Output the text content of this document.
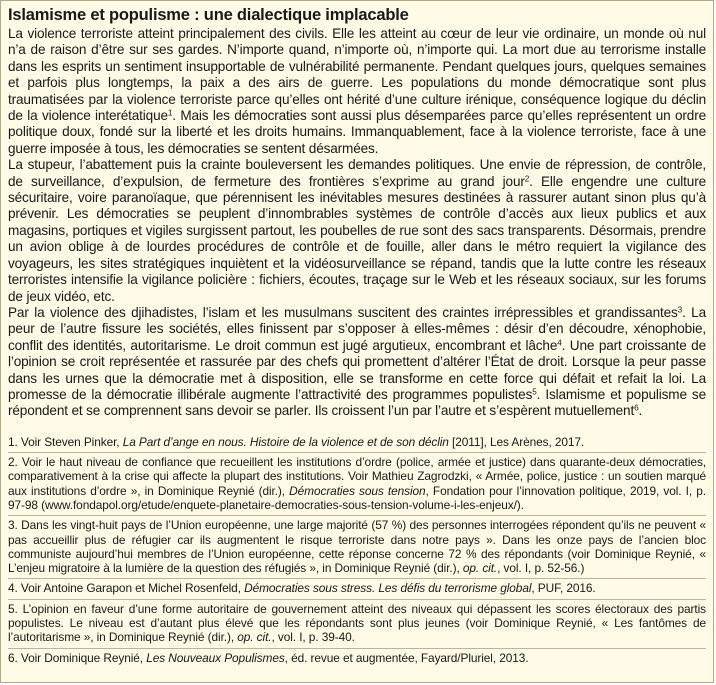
Islamisme et populisme : une dialectique implacable

La violence terroriste atteint principalement des civils. Elle les atteint au cœur de leur vie ordinaire, un monde où nul n’a de raison d’être sur ses gardes. N’importe quand, n’importe où, n’importe qui. La mort due au terrorisme installe dans les esprits un sentiment insupportable de vulnérabilité permanente. Pendant quelques jours, quelques semaines et parfois plus longtemps, la paix a des airs de guerre. Les populations du monde démocratique sont plus traumatisées par la violence terroriste parce qu’elles ont hérité d’une culture irénique, conséquence logique du déclin de la violence interétatique$^1$. Mais les démocraties sont aussi plus désemparées parce qu’elles représentent un ordre politique doux, fondé sur la liberté et les droits humains. Immanquablement, face à la violence terroriste, face à une guerre imposée à tous, les démocraties se sentent désarmées.

La stupeur, l’abattement puis la crainte bouleversent les demandes politiques. Une envie de répression, de contrôle, de surveillance, d’expulsion, de fermeture des frontières s’exprime au grand jour$^2$. Elle engendre une culture sécuritaire, voire paranoïaque, que pérennisent les inévitables mesures destinées à rassurer autant sinon plus qu’à prévenir. Les démocraties se peuplent d’innombrables systèmes de contrôle d’accès aux lieux publics et aux magasins, portiques et vigiles surgissent partout, les poubelles de rue sont des sacs transparents. Désormais, prendre un avion oblige à de lourdes procédures de contrôle et de fouille, aller dans le métro requiert la vigilance des voyageurs, les sites stratégiques inquiètent et la vidéosurveillance se répand, tandis que la lutte contre les réseaux terroristes intensifie la vigilance policière : fichiers, écoutes, traçage sur le Web et les réseaux sociaux, sur les forums de jeux vidéo, etc.

Par la violence des djihadistes, l’islam et les musulmans suscitent des craintes irrépressibles et grandissantes$^3$. La peur de l’autre fissure les sociétés, elles finissent par s’opposer à elles-mêmes : désir d’en découdre, xénophobie, conflit des identités, autoritarisme. Le droit commun est jugé argutieux, encombrant et lâche$^4$. Une part croissante de l’opinion se croit représentée et rassurée par des chefs qui promettent d’altérer l’État de droit. Lorsque la peur passe dans les urnes que la démocratie met à disposition, elle se transforme en cette force qui défait et refait la loi. La promesse de la démocratie illibérale augmente l’attractivité des programmes populistes$^5$. Islamisme et populisme se répondent et se comprennent sans devoir se parler. Ils croissent l’un par l’autre et s’espèrent mutuellement$^6$.

1. Voir Steven Pinker, La Part d’ange en nous. Histoire de la violence et de son déclin [2011], Les Arènes, 2017.
2. Voir le haut niveau de confiance que recueillent les institutions d’ordre (police, armée et justice) dans quarante-deux démocraties, comparativement à la crise qui affecte la plupart des institutions. Voir Mathieu Zagrodzki, « Armée, police, justice : un soutien marqué aux institutions d’ordre », in Dominique Reynié (dir.), Démocraties sous tension, Fondation pour l’innovation politique, 2019, vol. I, p. 97-98 (www.fondapol.org/etude/enquete-planetaire-democraties-sous-tension-volume-i-les-enjeux/).
3. Dans les vingt-huit pays de l’Union européenne, une large majorité (57 %) des personnes interrogées répondent qu’ils ne peuvent « pas accueillir plus de réfugier car ils augmentent le risque terroriste dans notre pays ». Dans les onze pays de l’ancien bloc communiste aujourd’hui membres de l’Union européenne, cette réponse concerne 72 % des répondants (voir Dominique Reynié, « L’enjeu migratoire à la lumière de la question des réfugiés », in Dominique Reynié (dir.), op. cit., vol. I, p. 52-56.)
4. Voir Antoine Garapon et Michel Rosenfeld, Démocraties sous stress. Les défis du terrorisme global, PUF, 2016.
5. L’opinion en faveur d’une forme autoritaire de gouvernement atteint des niveaux qui dépassent les scores électoraux des partis populistes. Le niveau est d’autant plus élevé que les répondants sont plus jeunes (voir Dominique Reynié, « Les fantômes de l’autoritarisme », in Dominique Reynié (dir.), op. cit., vol. I, p. 39-40.
6. Voir Dominique Reynié, Les Nouveaux Populismes, éd. revue et augmentée, Fayard/Pluriel, 2013.
